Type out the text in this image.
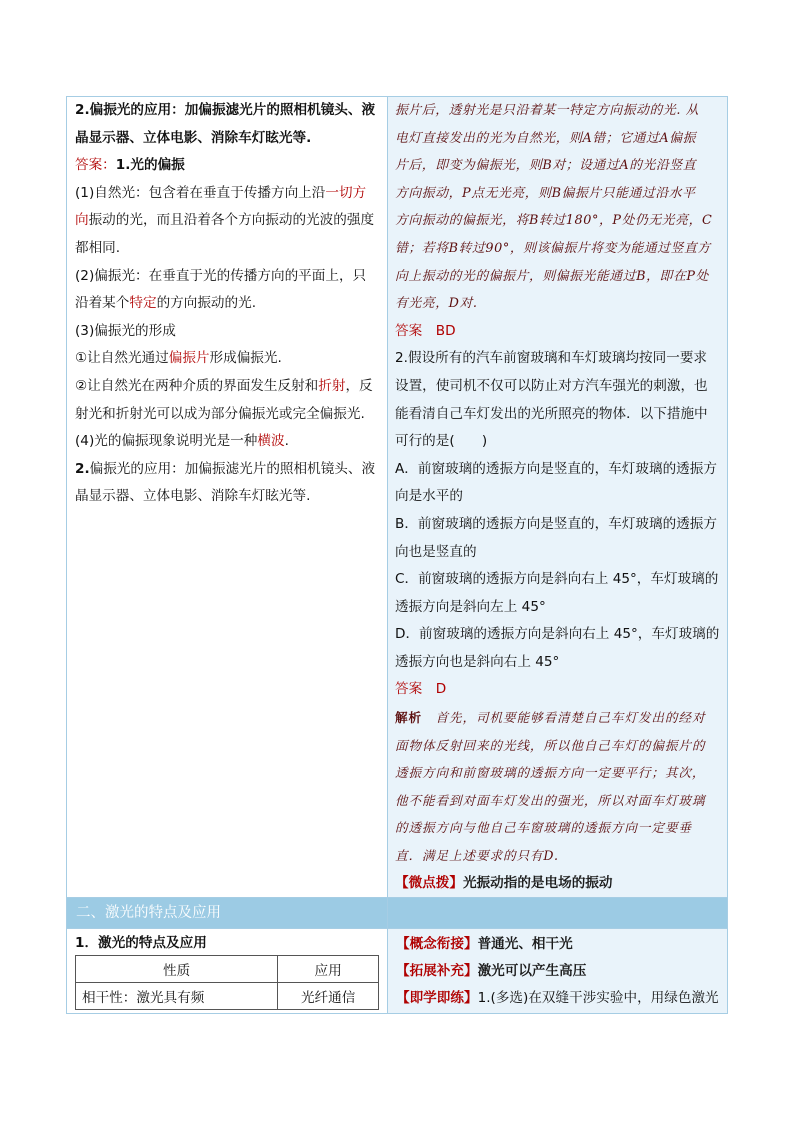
2.偏振光的应用：加偏振滤光片的照相机镜头、液晶显示器、立体电影、消除车灯眩光等.

答案：1.光的偏振

(1)自然光：包含着在垂直于传播方向上沿一切方向振动的光，而且沿着各个方向振动的光波的强度都相同.

(2)偏振光：在垂直于光的传播方向的平面上，只沿着某个特定的方向振动的光.

(3)偏振光的形成

①让自然光通过偏振片形成偏振光.

②让自然光在两种介质的界面发生反射和折射，反射光和折射光可以成为部分偏振光或完全偏振光.

(4)光的偏振现象说明光是一种横波.

2.偏振光的应用：加偏振滤光片的照相机镜头、液晶显示器、立体电影、消除车灯眩光等.

振片后，透射光是只沿着某一特定方向振动的光. 从

电灯直接发出的光为自然光，则A错；它通过A偏振

片后，即变为偏振光，则B对；设通过A的光沿竖直

方向振动，P点无光亮，则B偏振片只能通过沿水平

方向振动的偏振光，将B转过180°，P处仍无光亮，C

错；若将B转过90°，则该偏振片将变为能通过竖直方

向上振动的光的偏振片，则偏振光能通过B，即在P处

有光亮，D对.

答案　 BD

2.假设所有的汽车前窗玻璃和车灯玻璃均按同一要求

设置，使司机不仅可以防止对方汽车强光的刺激，也

能看清自己车灯发出的光所照亮的物体．以下措施中

可行的是(　　)

A．前窗玻璃的透振方向是竖直的，车灯玻璃的透振方

向是水平的

B．前窗玻璃的透振方向是竖直的，车灯玻璃的透振方

向也是竖直的

C．前窗玻璃的透振方向是斜向右上 45°，车灯玻璃的

透振方向是斜向左上 45°

D．前窗玻璃的透振方向是斜向右上 45°，车灯玻璃的

透振方向也是斜向右上 45°

答案　 D

解析　 首先，司机要能够看清楚自己车灯发出的经对

面物体反射回来的光线，所以他自己车灯的偏振片的

透振方向和前窗玻璃的透振方向一定要平行；其次，

他不能看到对面车灯发出的强光，所以对面车灯玻璃

的透振方向与他自己车窗玻璃的透振方向一定要垂

直．满足上述要求的只有D.

【微点拨】光振动指的是电场的振动

二、激光的特点及应用

1．激光的特点及应用
性质	应用
相干性：激光具有频	光纤通信

【概念衔接】普通光、相干光
【拓展补充】激光可以产生高压
【即学即练】1.(多选)在双缝干涉实验中，用绿色激光
